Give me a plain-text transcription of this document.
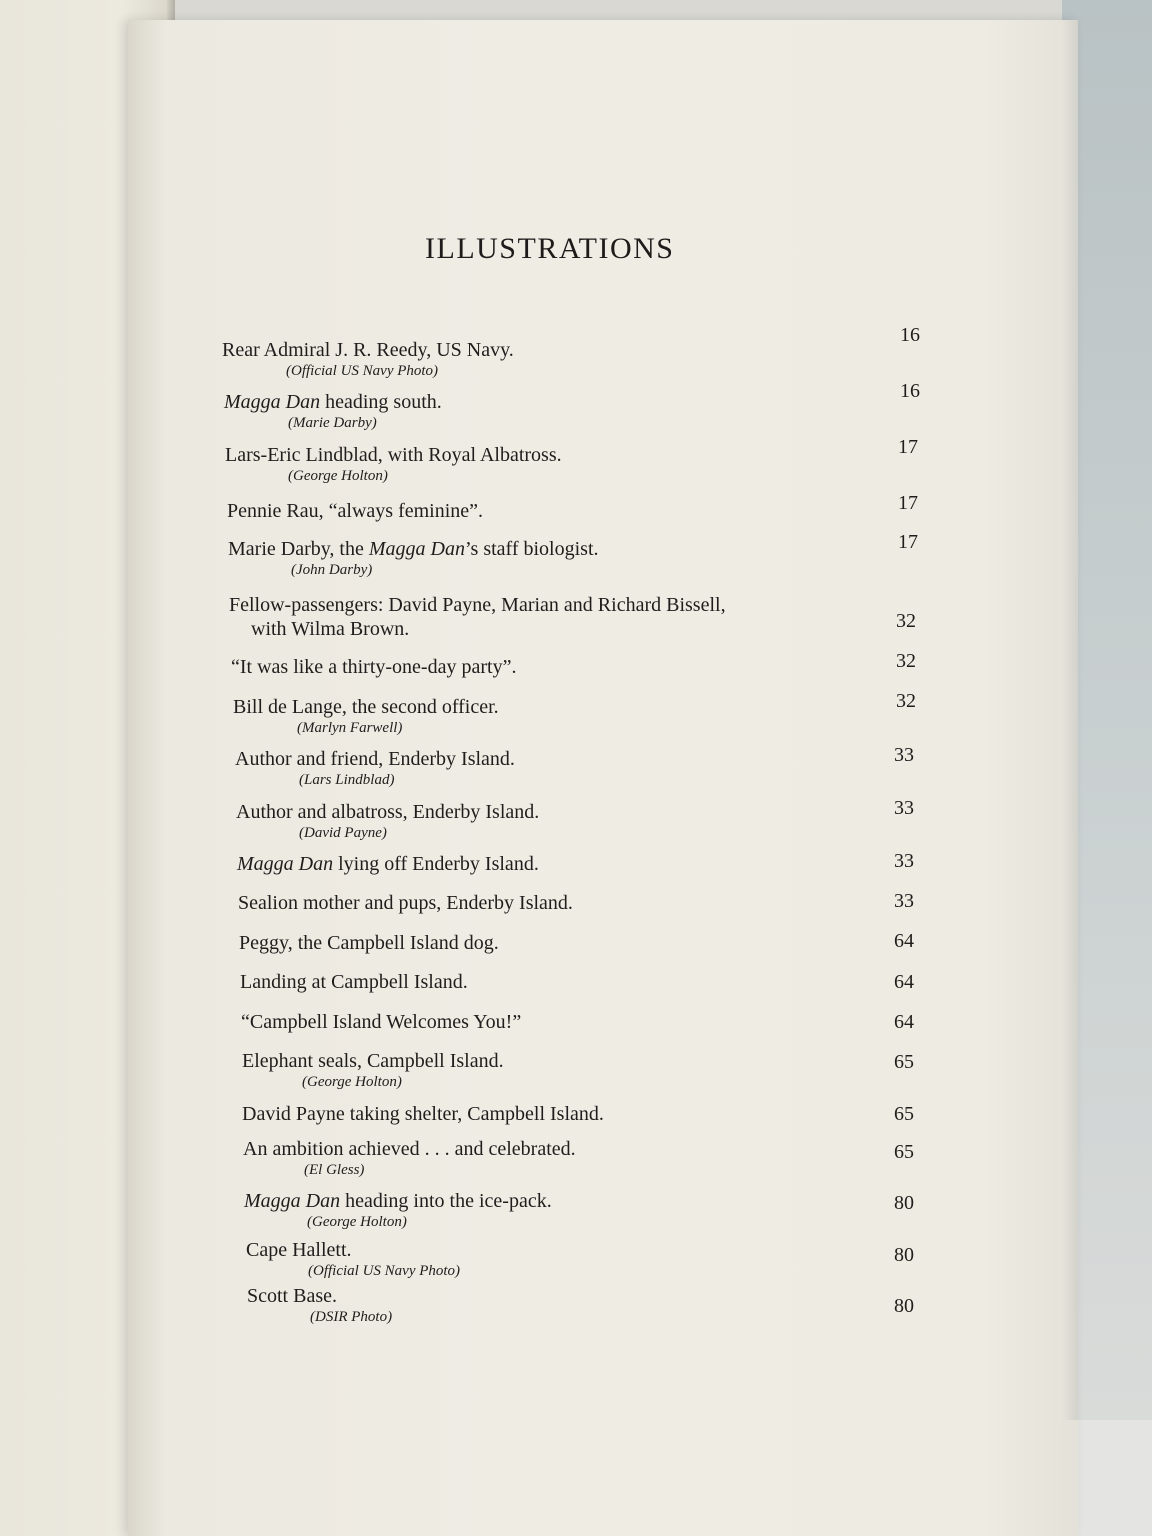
ILLUSTRATIONS
Rear Admiral J. R. Reedy, US Navy.
(Official US Navy Photo)
16
Magga Dan heading south.
(Marie Darby)
16
Lars-Eric Lindblad, with Royal Albatross.
(George Holton)
17
Pennie Rau, “always feminine”.	17
Marie Darby, the Magga Dan’s staff biologist.
(John Darby)
17
Fellow-passengers: David Payne, Marian and Richard Bissell,
with Wilma Brown.	32
“It was like a thirty-one-day party”.	32
Bill de Lange, the second officer.
(Marlyn Farwell)
32
Author and friend, Enderby Island.
(Lars Lindblad)
33
Author and albatross, Enderby Island.
(David Payne)
33
Magga Dan lying off Enderby Island.	33
Sealion mother and pups, Enderby Island.	33
Peggy, the Campbell Island dog.	64
Landing at Campbell Island.	64
“Campbell Island Welcomes You!”	64
Elephant seals, Campbell Island.
(George Holton)
65
David Payne taking shelter, Campbell Island.	65
An ambition achieved . . . and celebrated.
(El Gless)
65
Magga Dan heading into the ice-pack.
(George Holton)
80
Cape Hallett.
(Official US Navy Photo)
80
Scott Base.
(DSIR Photo)	80
